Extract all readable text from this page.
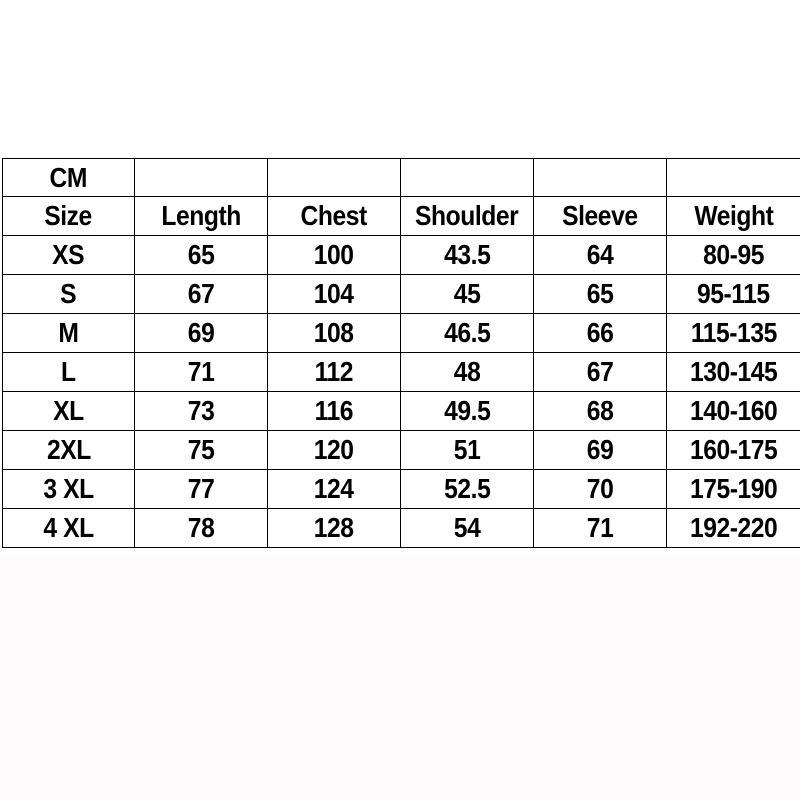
CM					
Size	Length	Chest	Shoulder	Sleeve	Weight
XS	65	100	43.5	64	80-95
S	67	104	45	65	95-115
M	69	108	46.5	66	115-135
L	71	112	48	67	130-145
XL	73	116	49.5	68	140-160
2XL	75	120	51	69	160-175
3 XL	77	124	52.5	70	175-190
4 XL	78	128	54	71	192-220
